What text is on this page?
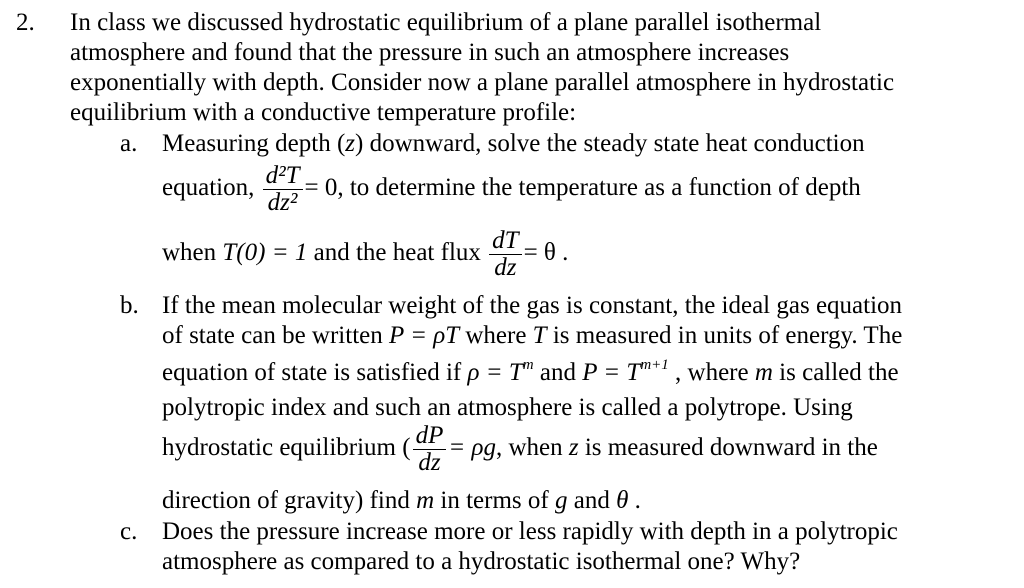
2. In class we discussed hydrostatic equilibrium of a plane parallel isothermal
atmosphere and found that the pressure in such an atmosphere increases
exponentially with depth. Consider now a plane parallel atmosphere in hydrostatic
equilibrium with a conductive temperature profile:
a. Measuring depth (z) downward, solve the steady state heat conduction
equation, $\frac{\text{d²T}}{\text{dz²}} = 0$, to determine the temperature as a function of depth
when T(0) = 1 and the heat flux $\frac{dT}{dz} = \theta$ .
b. If the mean molecular weight of the gas is constant, the ideal gas equation
of state can be written P = ρT where T is measured in units of energy. The
equation of state is satisfied if $\rho = T^m$ and $P = T^{m+1}$ , where m is called the
polytropic index and such an atmosphere is called a polytrope. Using
hydrostatic equilibrium ( $\frac{dP}{dz} = \rho g$, when z is measured downward in the
direction of gravity) find m in terms of g and θ .
c. Does the pressure increase more or less rapidly with depth in a polytropic
atmosphere as compared to a hydrostatic isothermal one? Why?
